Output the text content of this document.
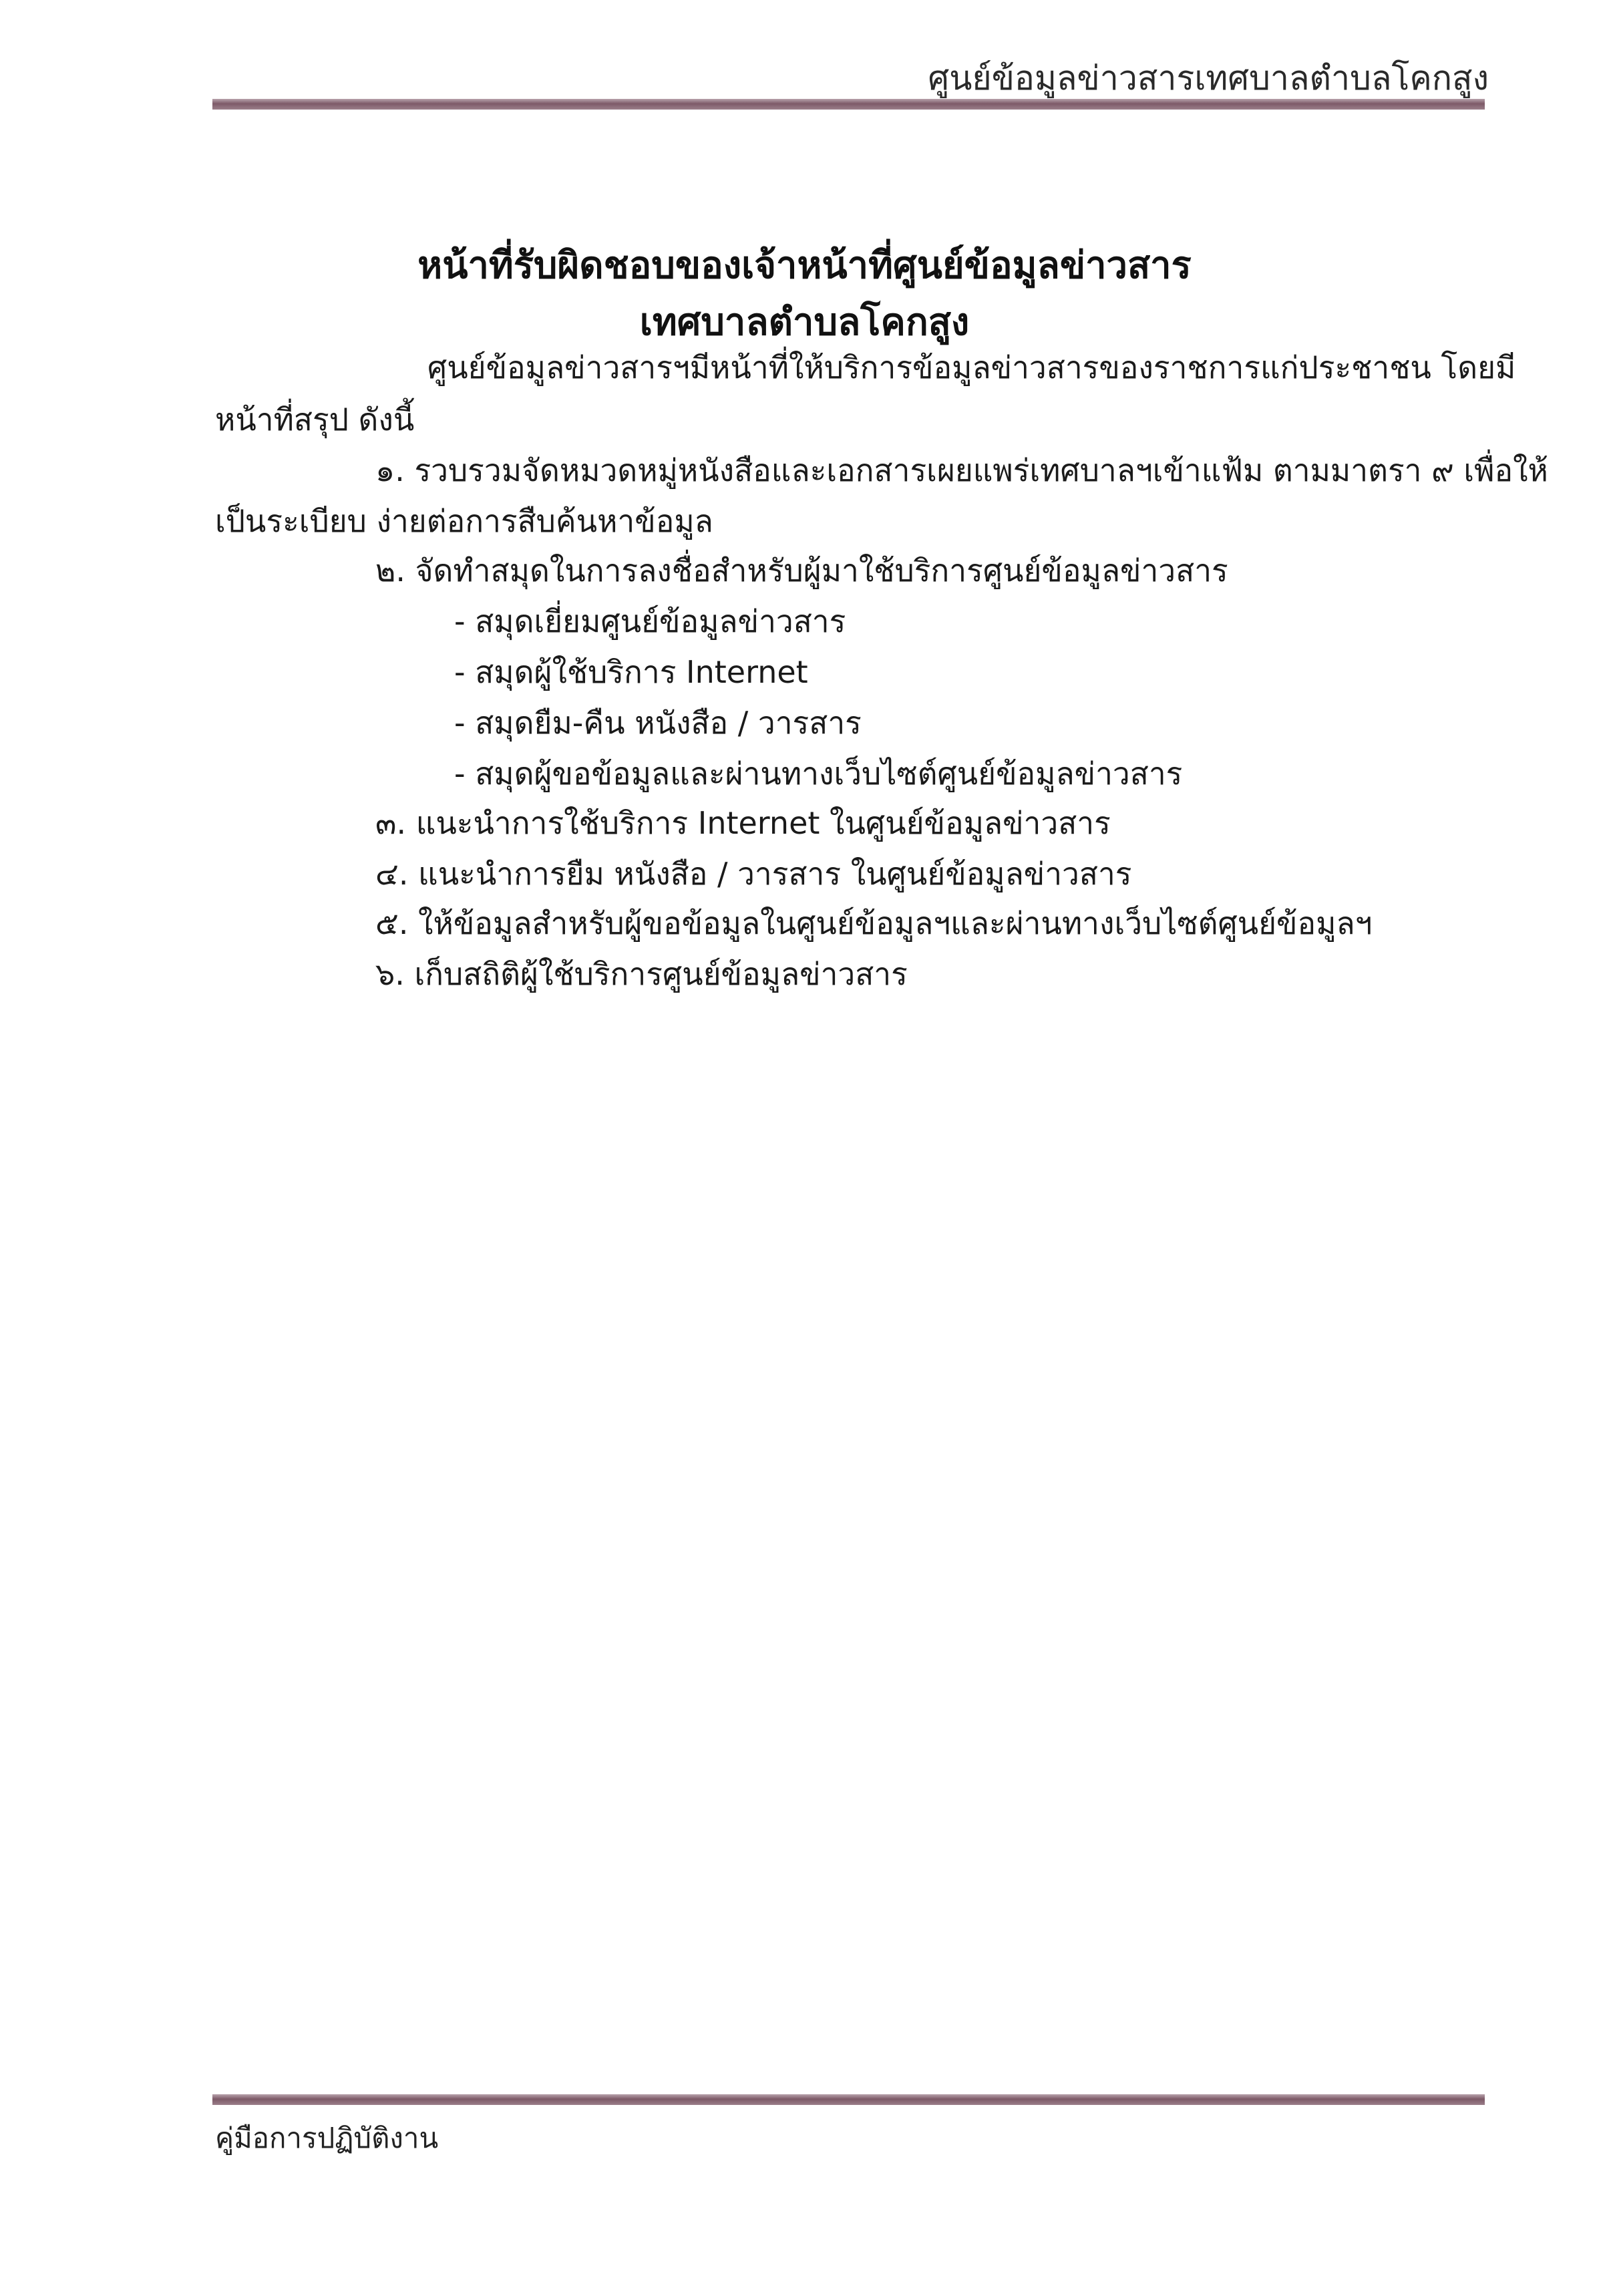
ศูนย์ข้อมูลข่าวสารเทศบาลตำบลโคกสูง
หน้าที่รับผิดชอบของเจ้าหน้าที่ศูนย์ข้อมูลข่าวสาร
เทศบาลตำบลโคกสูง
ศูนย์ข้อมูลข่าวสารฯมีหน้าที่ให้บริการข้อมูลข่าวสารของราชการแก่ประชาชน โดยมี
หน้าที่สรุป ดังนี้
๑. รวบรวมจัดหมวดหมู่หนังสือและเอกสารเผยแพร่เทศบาลฯเข้าแฟ้ม ตามมาตรา ๙ เพื่อให้
เป็นระเบียบ ง่ายต่อการสืบค้นหาข้อมูล
๒. จัดทำสมุดในการลงชื่อสำหรับผู้มาใช้บริการศูนย์ข้อมูลข่าวสาร
- สมุดเยี่ยมศูนย์ข้อมูลข่าวสาร
- สมุดผู้ใช้บริการ Internet
- สมุดยืม-คืน หนังสือ / วารสาร
- สมุดผู้ขอข้อมูลและผ่านทางเว็บไซต์ศูนย์ข้อมูลข่าวสาร
๓. แนะนำการใช้บริการ Internet ในศูนย์ข้อมูลข่าวสาร
๔. แนะนำการยืม หนังสือ / วารสาร ในศูนย์ข้อมูลข่าวสาร
๕. ให้ข้อมูลสำหรับผู้ขอข้อมูลในศูนย์ข้อมูลฯและผ่านทางเว็บไซต์ศูนย์ข้อมูลฯ
๖. เก็บสถิติผู้ใช้บริการศูนย์ข้อมูลข่าวสาร
คู่มือการปฏิบัติงาน
